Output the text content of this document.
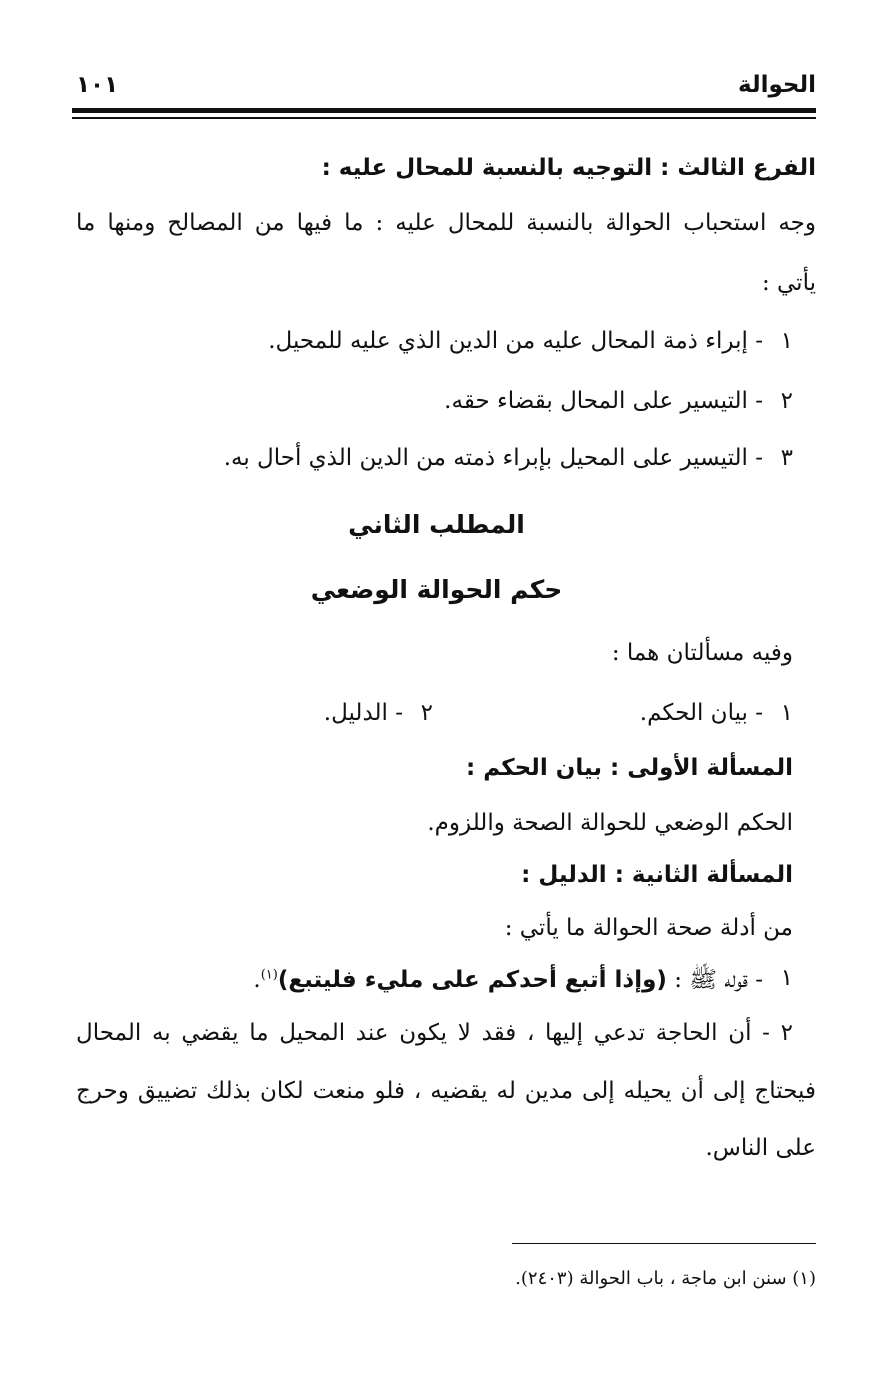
الحوالة
١٠١
الفرع الثالث : التوجيه بالنسبة للمحال عليه :
وجه استحباب الحوالة بالنسبة للمحال عليه : ما فيها من المصالح ومنها ما
يأتي :
١
- إبراء ذمة المحال عليه من الدين الذي عليه للمحيل.
٢
- التيسير على المحال بقضاء حقه.
٣
- التيسير على المحيل بإبراء ذمته من الدين الذي أحال به.
المطلب الثاني
حكم الحوالة الوضعي
وفيه مسألتان هما :
١
- بيان الحكم.
٢
- الدليل.
المسألة الأولى : بيان الحكم :
الحكم الوضعي للحوالة الصحة واللزوم.
المسألة الثانية : الدليل :
من أدلة صحة الحوالة ما يأتي :
١
- قوله ﷺ : (وإذا أتبع أحدكم على مليء فليتبع)$^{(١)}$.
٢ - أن الحاجة تدعي إليها ، فقد لا يكون عند المحيل ما يقضي به المحال
فيحتاج إلى أن يحيله إلى مدين له يقضيه ، فلو منعت لكان بذلك تضييق وحرج
على الناس.
(١) سنن ابن ماجة ، باب الحوالة (٢٤٠٣).
